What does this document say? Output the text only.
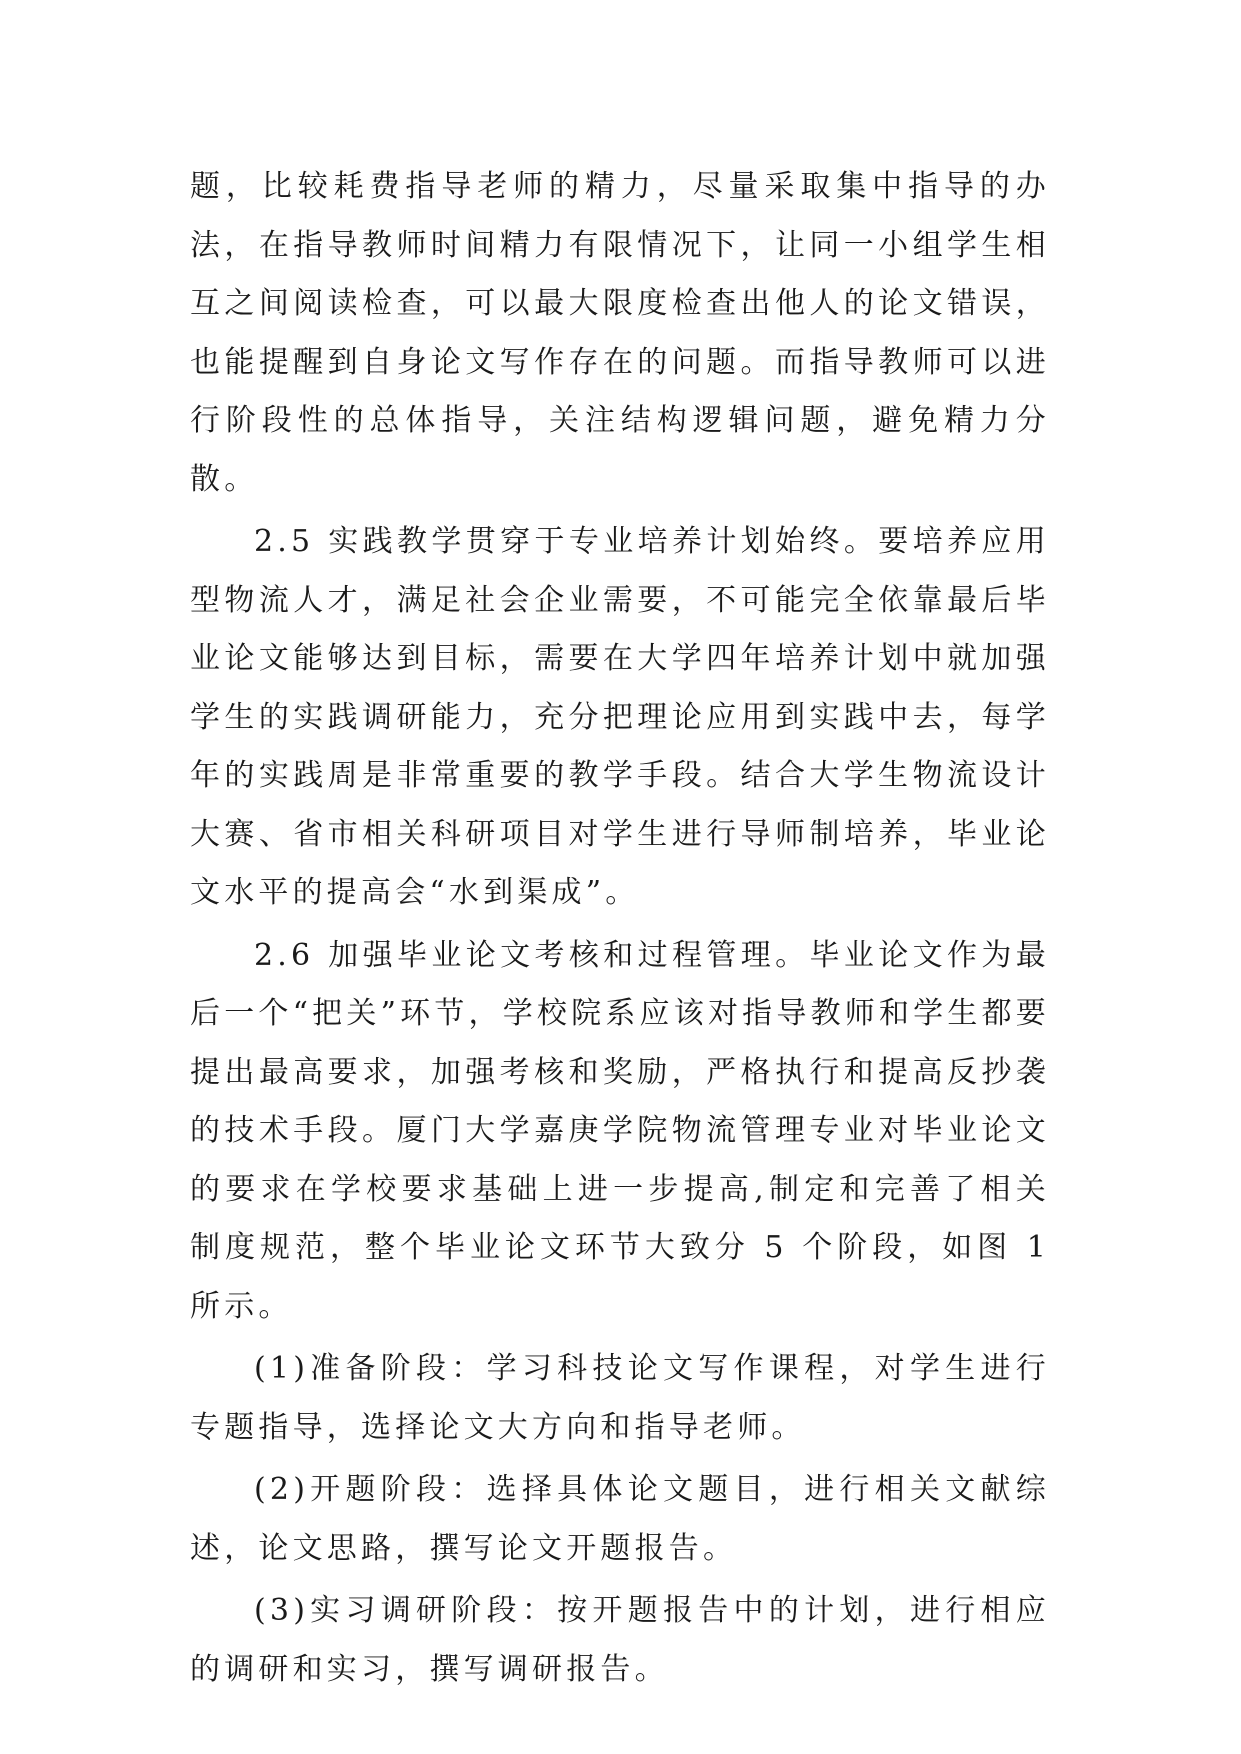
题，比较耗费指导老师的精力，尽量采取集中指导的办法，在指导教师时间精力有限情况下，让同一小组学生相互之间阅读检查，可以最大限度检查出他人的论文错误，也能提醒到自身论文写作存在的问题。而指导教师可以进行阶段性的总体指导，关注结构逻辑问题，避免精力分散。

2.5 实践教学贯穿于专业培养计划始终。要培养应用型物流人才，满足社会企业需要，不可能完全依靠最后毕业论文能够达到目标，需要在大学四年培养计划中就加强学生的实践调研能力，充分把理论应用到实践中去，每学年的实践周是非常重要的教学手段。结合大学生物流设计大赛、省市相关科研项目对学生进行导师制培养，毕业论文水平的提高会“水到渠成”。

2.6 加强毕业论文考核和过程管理。毕业论文作为最后一个“把关”环节，学校院系应该对指导教师和学生都要提出最高要求，加强考核和奖励，严格执行和提高反抄袭的技术手段。厦门大学嘉庚学院物流管理专业对毕业论文的要求在学校要求基础上进一步提高,制定和完善了相关制度规范，整个毕业论文环节大致分 5 个阶段，如图 1 所示。

(1)准备阶段：学习科技论文写作课程，对学生进行专题指导，选择论文大方向和指导老师。

(2)开题阶段：选择具体论文题目，进行相关文献综述，论文思路，撰写论文开题报告。

(3)实习调研阶段：按开题报告中的计划，进行相应的调研和实习，撰写调研报告。
